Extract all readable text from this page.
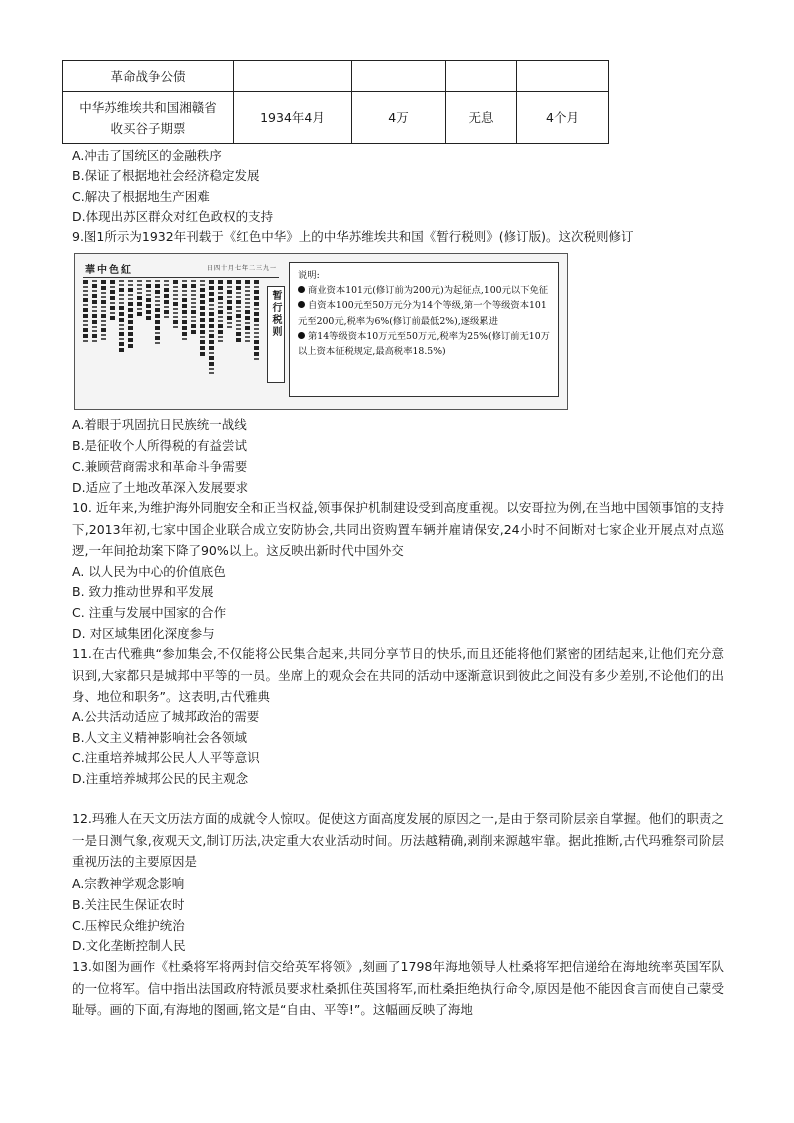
革命战争公债				

中华苏维埃共和国湘赣省
收买谷子期票	1934年4月	4万	无息	4个月
A.冲击了国统区的金融秩序
B.保证了根据地社会经济稳定发展
C.解决了根据地生产困难
D.体现出苏区群众对红色政权的支持
9.图1所示为1932年刊载于《红色中华》上的中华苏维埃共和国《暂行税则》(修订版)。这次税则修订
華中色紅	日四十月七年二三九一
暂行税则
说明:
商业资本101元(修订前为200元)为起征点,100元以下免征
自资本100元至50万元分为14个等级,第一个等级资本101元至200元,税率为6%(修订前最低2%),逐级累进
第14等级资本10万元至50万元,税率为25%(修订前无10万以上资本征税规定,最高税率18.5%)
A.着眼于巩固抗日民族统一战线
B.是征收个人所得税的有益尝试
C.兼顾营商需求和革命斗争需要
D.适应了土地改革深入发展要求
10. 近年来,为维护海外同胞安全和正当权益,领事保护机制建设受到高度重视。以安哥拉为例,在当地中国领事馆的支持下,2013年初,七家中国企业联合成立安防协会,共同出资购置车辆并雇请保安,24小时不间断对七家企业开展点对点巡逻,一年间抢劫案下降了90%以上。这反映出新时代中国外交
A. 以人民为中心的价值底色
B. 致力推动世界和平发展
C. 注重与发展中国家的合作
D. 对区域集团化深度参与
11.在古代雅典“参加集会,不仅能将公民集合起来,共同分享节日的快乐,而且还能将他们紧密的团结起来,让他们充分意识到,大家都只是城邦中平等的一员。坐席上的观众会在共同的活动中逐渐意识到彼此之间没有多少差别,不论他们的出身、地位和职务”。这表明,古代雅典
A.公共活动适应了城邦政治的需要
B.人文主义精神影响社会各领域
C.注重培养城邦公民人人平等意识
D.注重培养城邦公民的民主观念
12.玛雅人在天文历法方面的成就令人惊叹。促使这方面高度发展的原因之一,是由于祭司阶层亲自掌握。他们的职责之一是日测气象,夜观天文,制订历法,决定重大农业活动时间。历法越精确,剥削来源越牢靠。据此推断,古代玛雅祭司阶层重视历法的主要原因是
A.宗教神学观念影响
B.关注民生保证农时
C.压榨民众维护统治
D.文化垄断控制人民
13.如图为画作《杜桑将军将两封信交给英军将领》,刻画了1798年海地领导人杜桑将军把信递给在海地统率英国军队的一位将军。信中指出法国政府特派员要求杜桑抓住英国将军,而杜桑拒绝执行命令,原因是他不能因食言而使自己蒙受耻辱。画的下面,有海地的图画,铭文是“自由、平等!”。这幅画反映了海地
